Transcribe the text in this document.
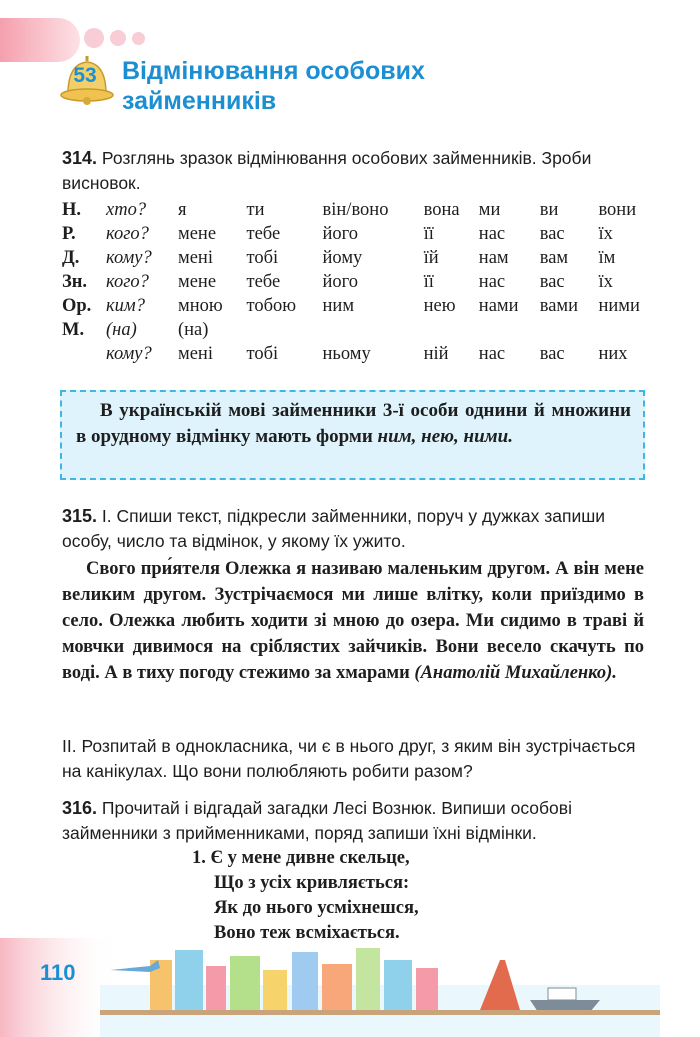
53	Відмінювання особових
займенників
314. Розглянь зразок відмінювання особових займенників. Зроби висновок.
Н.	хто?	я	ти	він/воно	вона	ми	ви	вони
Р.	кого?	мене	тебе	його	її	нас	вас	їх
Д.	кому?	мені	тобі	йому	їй	нам	вам	їм
Зн.	кого?	мене	тебе	його	її	нас	вас	їх
Ор.	ким?	мною	тобою	ним	нею	нами	вами	ними
М.	(на)	(на)						
	кому?	мені	тобі	ньому	ній	нас	вас	них

В українській мові займенники 3-ї особи однини й множини в орудному відмінку мають форми ним, нею, ними.

315. І. Спиши текст, підкресли займенники, поруч у дужках запиши особу, число та відмінок, у якому їх ужито.

Свого при́ятеля Олежка я називаю маленьким другом. А він мене великим другом. Зустрічаємося ми лише влітку, коли приїздимо в село. Олежка любить ходити зі мною до озера. Ми сидимо в траві й мовчки дивимося на сріблястих зайчиків. Вони весело скачуть по воді. А в тиху погоду стежимо за хмарами (Анатолій Михайленко).

ІІ. Розпитай в однокласника, чи є в нього друг, з яким він зустрічається на канікулах. Що вони полюбляють робити разом?
316. Прочитай і відгадай загадки Лесі Вознюк. Випиши особові займенники з прийменниками, поряд запиши їхні відмінки.
1. Є у мене дивне скельце,
Що з усіх кривляється:
Як до нього усміхнешся,
Воно теж всміхається.
110
